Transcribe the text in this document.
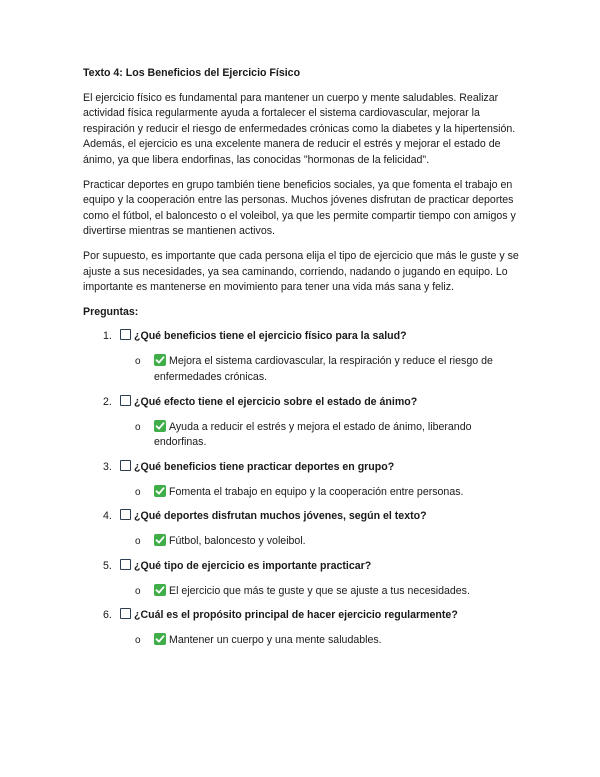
Texto 4: Los Beneficios del Ejercicio Físico

El ejercicio físico es fundamental para mantener un cuerpo y mente saludables. Realizar actividad física regularmente ayuda a fortalecer el sistema cardiovascular, mejorar la respiración y reducir el riesgo de enfermedades crónicas como la diabetes y la hipertensión. Además, el ejercicio es una excelente manera de reducir el estrés y mejorar el estado de ánimo, ya que libera endorfinas, las conocidas "hormonas de la felicidad".

Practicar deportes en grupo también tiene beneficios sociales, ya que fomenta el trabajo en equipo y la cooperación entre las personas. Muchos jóvenes disfrutan de practicar deportes como el fútbol, el baloncesto o el voleibol, ya que les permite compartir tiempo con amigos y divertirse mientras se mantienen activos.

Por supuesto, es importante que cada persona elija el tipo de ejercicio que más le guste y se ajuste a sus necesidades, ya sea caminando, corriendo, nadando o jugando en equipo. Lo importante es mantenerse en movimiento para tener una vida más sana y feliz.

Preguntas:
1. ¿Qué beneficios tiene el ejercicio físico para la salud?
o	Mejora el sistema cardiovascular, la respiración y reduce el riesgo de enfermedades crónicas.
2. ¿Qué efecto tiene el ejercicio sobre el estado de ánimo?
o	Ayuda a reducir el estrés y mejora el estado de ánimo, liberando endorfinas.
3. ¿Qué beneficios tiene practicar deportes en grupo?
o	Fomenta el trabajo en equipo y la cooperación entre personas.
4. ¿Qué deportes disfrutan muchos jóvenes, según el texto?
o	Fútbol, baloncesto y voleibol.
5. ¿Qué tipo de ejercicio es importante practicar?
o	El ejercicio que más te guste y que se ajuste a tus necesidades.
6. ¿Cuál es el propósito principal de hacer ejercicio regularmente?
o	Mantener un cuerpo y una mente saludables.
